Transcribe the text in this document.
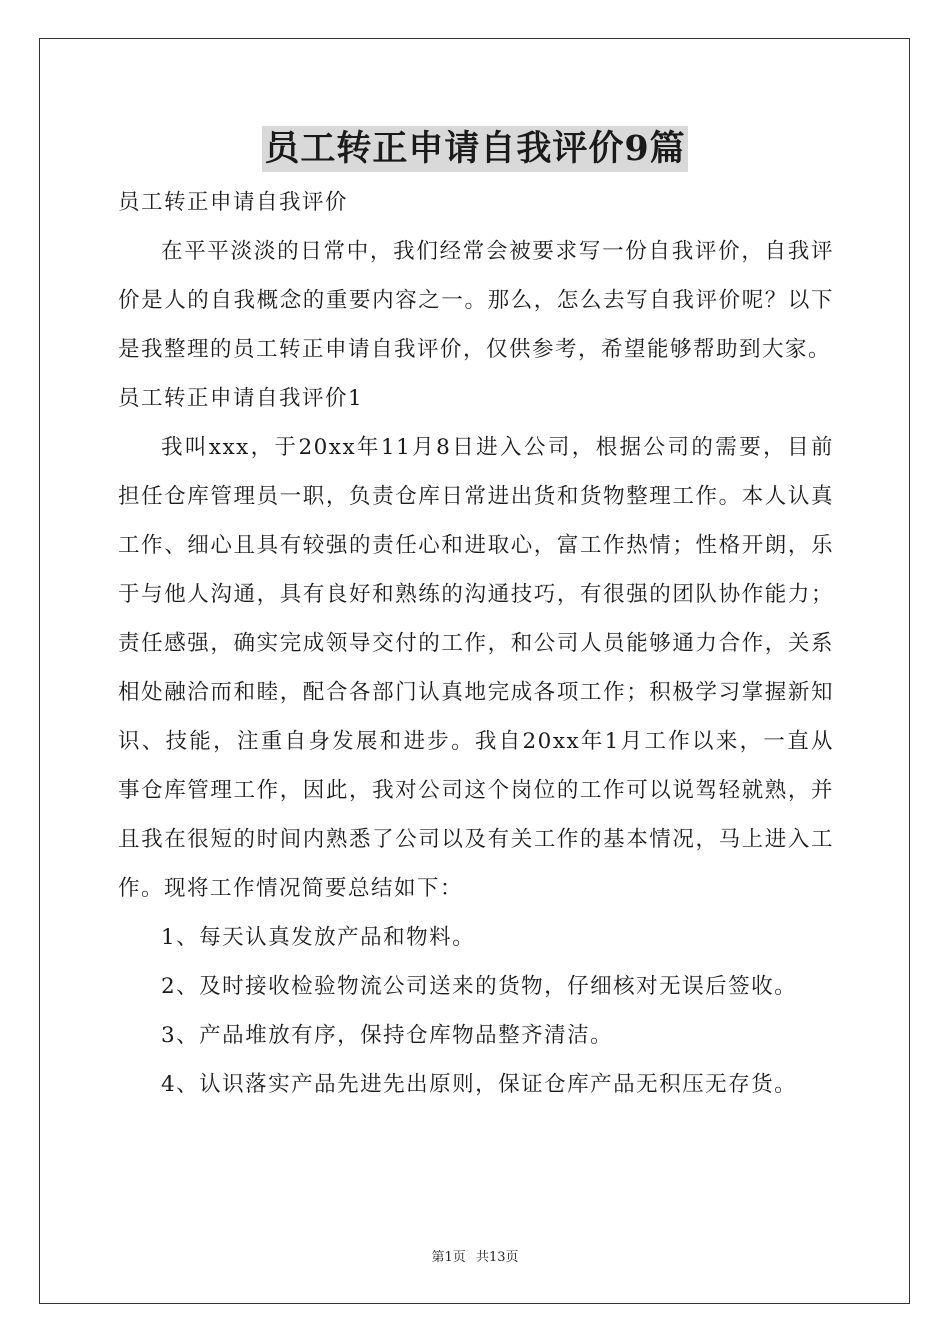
员工转正申请自我评价9篇

员工转正申请自我评价

在平平淡淡的日常中，我们经常会被要求写一份自我评价，自我评价是人的自我概念的重要内容之一。那么，怎么去写自我评价呢？以下是我整理的员工转正申请自我评价，仅供参考，希望能够帮助到大家。

员工转正申请自我评价1

我叫xxx，于20xx年11月8日进入公司，根据公司的需要，目前担任仓库管理员一职，负责仓库日常进出货和货物整理工作。本人认真工作、细心且具有较强的责任心和进取心，富工作热情；性格开朗，乐于与他人沟通，具有良好和熟练的沟通技巧，有很强的团队协作能力；责任感强，确实完成领导交付的工作，和公司人员能够通力合作，关系相处融洽而和睦，配合各部门认真地完成各项工作；积极学习掌握新知识、技能，注重自身发展和进步。我自20xx年1月工作以来，一直从事仓库管理工作，因此，我对公司这个岗位的工作可以说驾轻就熟，并且我在很短的时间内熟悉了公司以及有关工作的基本情况，马上进入工作。现将工作情况简要总结如下：

1、每天认真发放产品和物料。

2、及时接收检验物流公司送来的货物，仔细核对无误后签收。

3、产品堆放有序，保持仓库物品整齐清洁。

4、认识落实产品先进先出原则，保证仓库产品无积压无存货。

第1页 共13页
